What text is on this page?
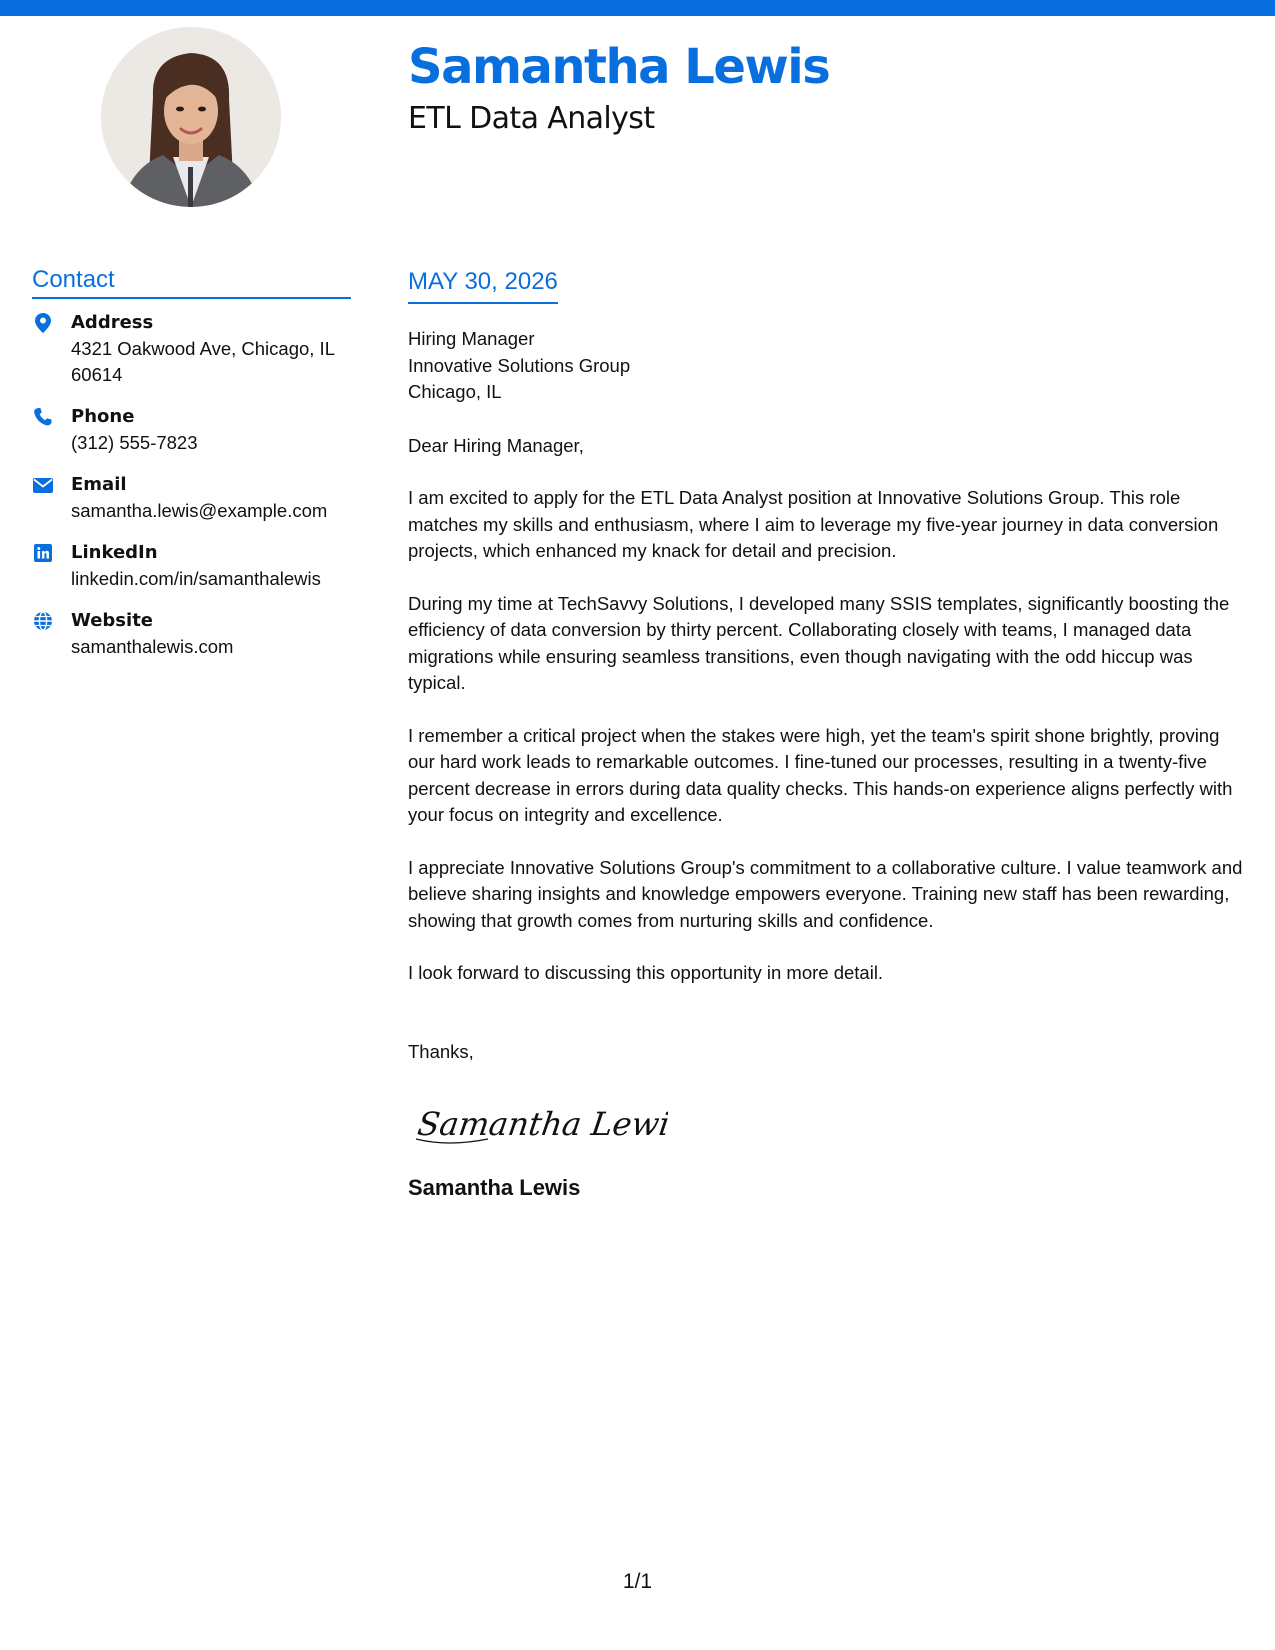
Samantha Lewis
ETL Data Analyst
Contact
Address
4321 Oakwood Ave, Chicago, IL 60614
Phone
(312) 555-7823
Email
samantha.lewis@example.com
LinkedIn
linkedin.com/in/samanthalewis
Website
samanthalewis.com
MAY 30, 2026
Hiring Manager
Innovative Solutions Group
Chicago, IL
Dear Hiring Manager,
I am excited to apply for the ETL Data Analyst position at Innovative Solutions Group. This role matches my skills and enthusiasm, where I aim to leverage my five-year journey in data conversion projects, which enhanced my knack for detail and precision.
During my time at TechSavvy Solutions, I developed many SSIS templates, significantly boosting the efficiency of data conversion by thirty percent. Collaborating closely with teams, I managed data migrations while ensuring seamless transitions, even though navigating with the odd hiccup was typical.
I remember a critical project when the stakes were high, yet the team's spirit shone brightly, proving our hard work leads to remarkable outcomes. I fine-tuned our processes, resulting in a twenty-five percent decrease in errors during data quality checks. This hands-on experience aligns perfectly with your focus on integrity and excellence.
I appreciate Innovative Solutions Group's commitment to a collaborative culture. I value teamwork and believe sharing insights and knowledge empowers everyone. Training new staff has been rewarding, showing that growth comes from nurturing skills and confidence.
I look forward to discussing this opportunity in more detail.
Thanks,
Samantha Lewis
Samantha Lewis
1/1
